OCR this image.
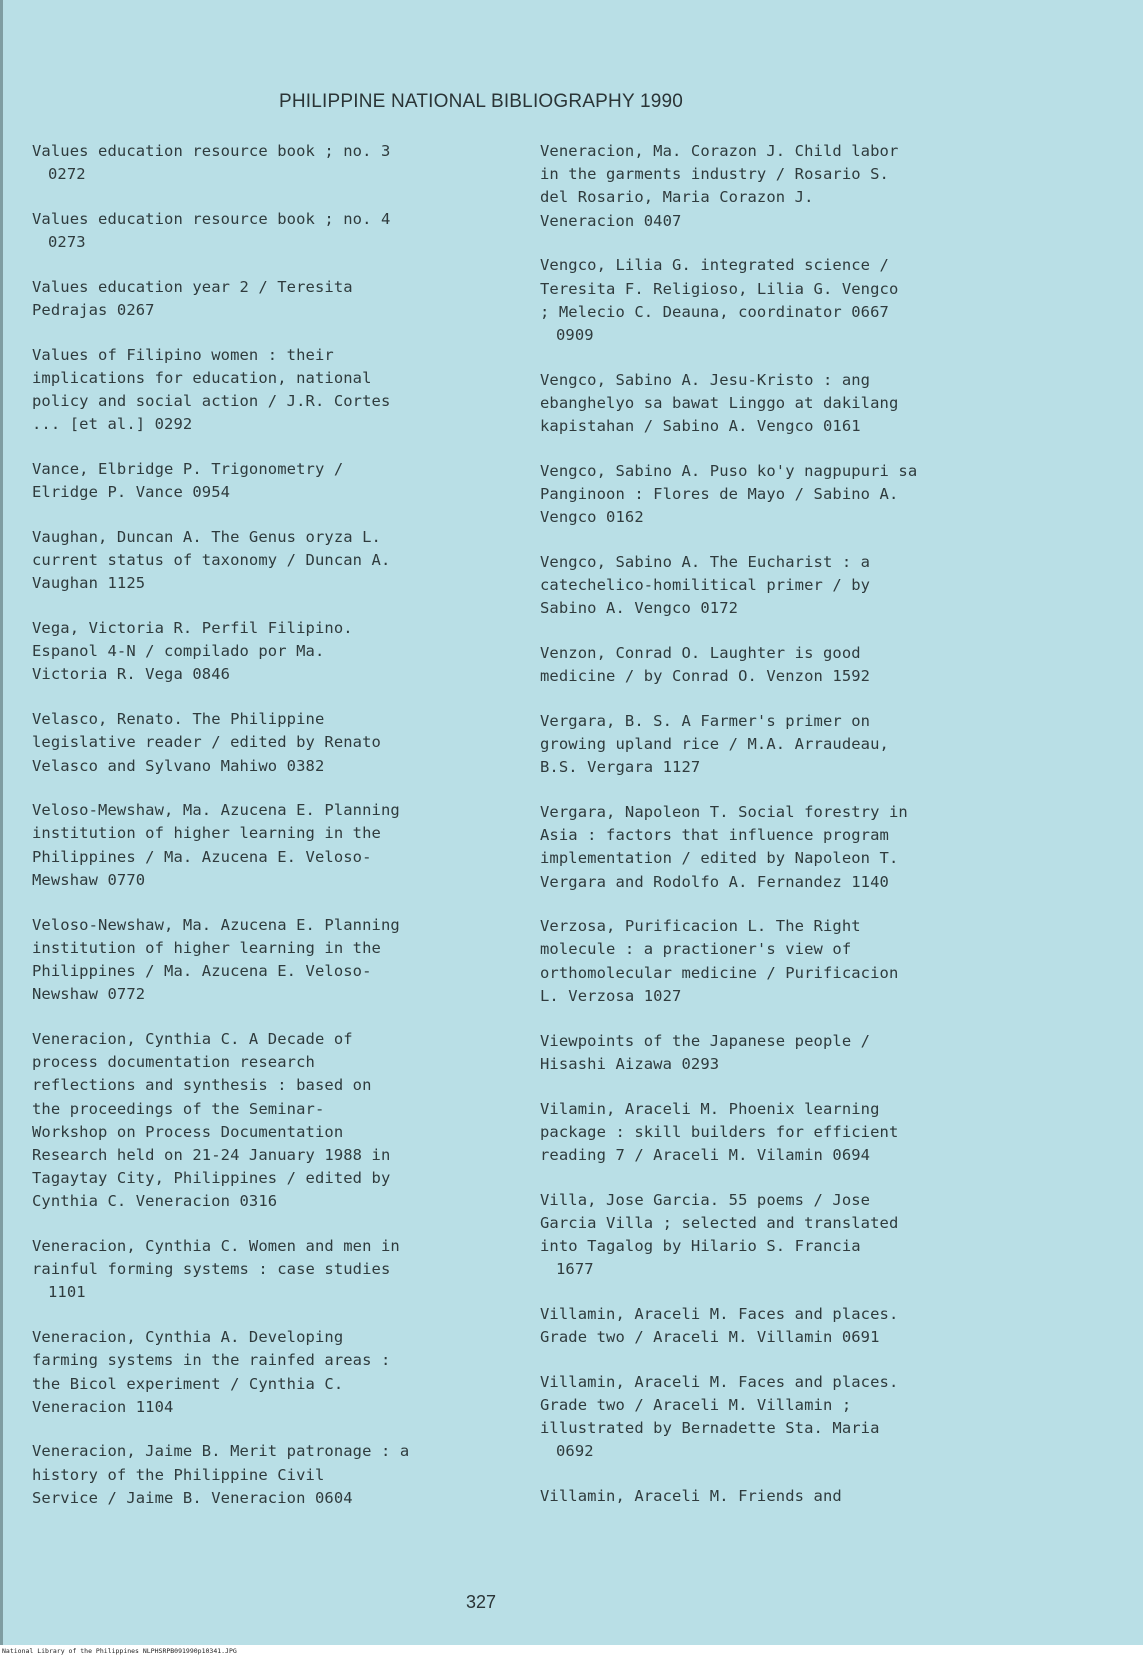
PHILIPPINE NATIONAL BIBLIOGRAPHY 1990
Values education resource book ; no. 3
0272
Values education resource book ; no. 4
0273
Values education year 2 / Teresita
Pedrajas 0267
Values of Filipino women : their
implications for education, national
policy and social action / J.R. Cortes
... [et al.] 0292
Vance, Elbridge P. Trigonometry /
Elridge P. Vance 0954
Vaughan, Duncan A. The Genus oryza L.
current status of taxonomy / Duncan A.
Vaughan 1125
Vega, Victoria R. Perfil Filipino.
Espanol 4-N / compilado por Ma.
Victoria R. Vega 0846
Velasco, Renato. The Philippine
legislative reader / edited by Renato
Velasco and Sylvano Mahiwo 0382
Veloso-Mewshaw, Ma. Azucena E. Planning
institution of higher learning in the
Philippines / Ma. Azucena E. Veloso-
Mewshaw 0770
Veloso-Newshaw, Ma. Azucena E. Planning
institution of higher learning in the
Philippines / Ma. Azucena E. Veloso-
Newshaw 0772
Veneracion, Cynthia C. A Decade of
process documentation research
reflections and synthesis : based on
the proceedings of the Seminar-
Workshop on Process Documentation
Research held on 21-24 January 1988 in
Tagaytay City, Philippines / edited by
Cynthia C. Veneracion 0316
Veneracion, Cynthia C. Women and men in
rainful forming systems : case studies
1101
Veneracion, Cynthia A. Developing
farming systems in the rainfed areas :
the Bicol experiment / Cynthia C.
Veneracion 1104
Veneracion, Jaime B. Merit patronage : a
history of the Philippine Civil
Service / Jaime B. Veneracion 0604
Veneracion, Ma. Corazon J. Child labor
in the garments industry / Rosario S.
del Rosario, Maria Corazon J.
Veneracion 0407
Vengco, Lilia G. integrated science /
Teresita F. Religioso, Lilia G. Vengco
; Melecio C. Deauna, coordinator 0667
0909
Vengco, Sabino A. Jesu-Kristo : ang
ebanghelyo sa bawat Linggo at dakilang
kapistahan / Sabino A. Vengco 0161
Vengco, Sabino A. Puso ko'y nagpupuri sa
Panginoon : Flores de Mayo / Sabino A.
Vengco 0162
Vengco, Sabino A. The Eucharist : a
catechelico-homilitical primer / by
Sabino A. Vengco 0172
Venzon, Conrad O. Laughter is good
medicine / by Conrad O. Venzon 1592
Vergara, B. S. A Farmer's primer on
growing upland rice / M.A. Arraudeau,
B.S. Vergara 1127
Vergara, Napoleon T. Social forestry in
Asia : factors that influence program
implementation / edited by Napoleon T.
Vergara and Rodolfo A. Fernandez 1140
Verzosa, Purificacion L. The Right
molecule : a practioner's view of
orthomolecular medicine / Purificacion
L. Verzosa 1027
Viewpoints of the Japanese people /
Hisashi Aizawa 0293
Vilamin, Araceli M. Phoenix learning
package : skill builders for efficient
reading 7 / Araceli M. Vilamin 0694
Villa, Jose Garcia. 55 poems / Jose
Garcia Villa ; selected and translated
into Tagalog by Hilario S. Francia
1677
Villamin, Araceli M. Faces and places.
Grade two / Araceli M. Villamin 0691
Villamin, Araceli M. Faces and places.
Grade two / Araceli M. Villamin ;
illustrated by Bernadette Sta. Maria
0692
Villamin, Araceli M. Friends and
327
National Library of the Philippines NLPHSRPB091990p10341.JPG
